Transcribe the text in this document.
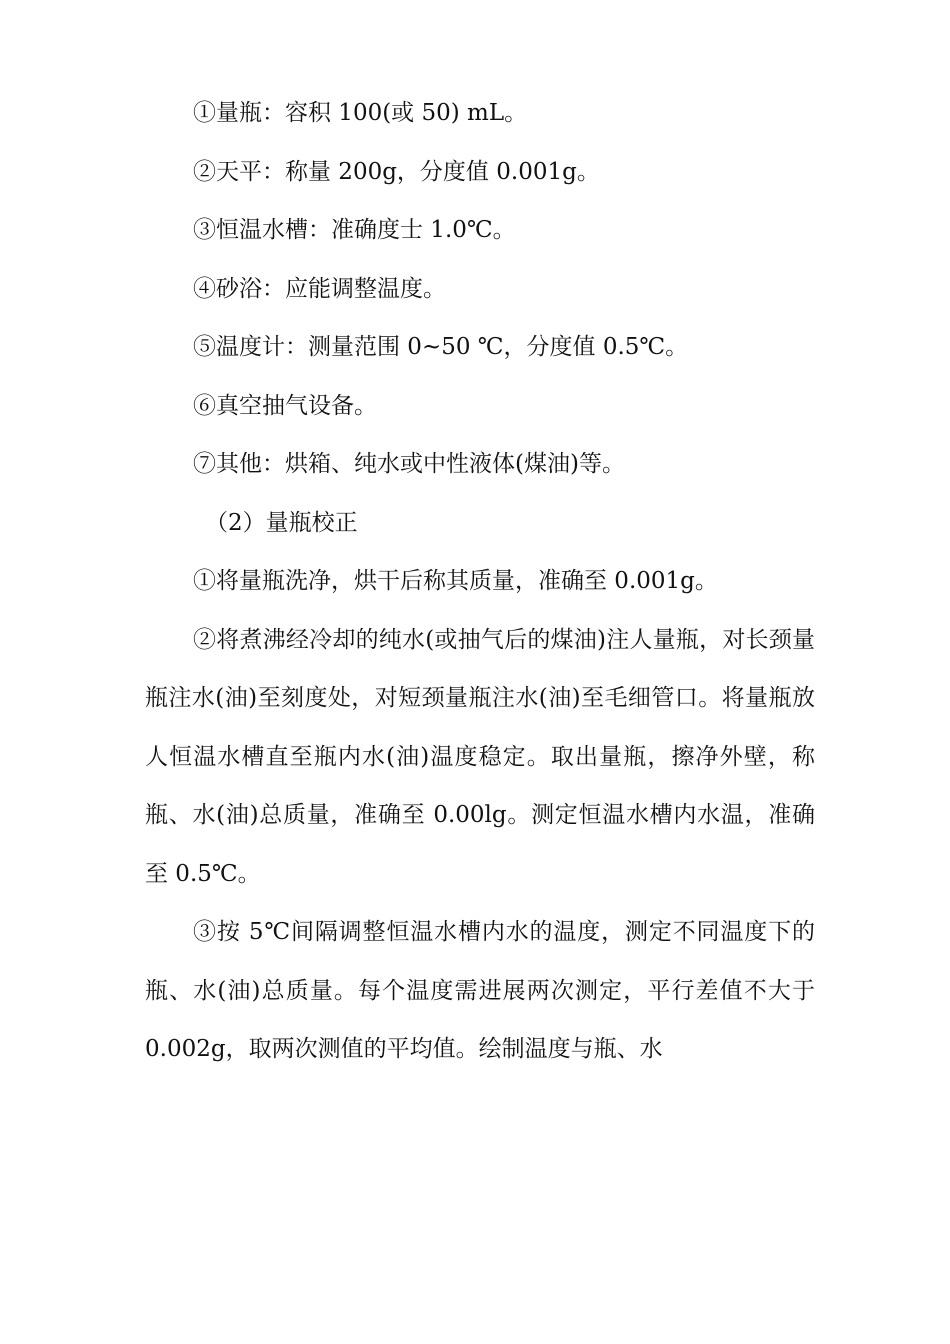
①量瓶：容积 100(或 50) mL。

②天平：称量 200g，分度值 0.001g。

③恒温水槽：准确度士 1.0℃。

④砂浴：应能调整温度。

⑤温度计：测量范围 0~50 ℃，分度值 0.5℃。

⑥真空抽气设备。

⑦其他：烘箱、纯水或中性液体(煤油)等。

（2）量瓶校正

①将量瓶洗净，烘干后称其质量，准确至 0.001g。

②将煮沸经冷却的纯水(或抽气后的煤油)注人量瓶，对长颈量瓶注水(油)至刻度处，对短颈量瓶注水(油)至毛细管口。将量瓶放人恒温水槽直至瓶内水(油)温度稳定。取出量瓶，擦净外壁，称瓶、水(油)总质量，准确至 0.00lg。测定恒温水槽内水温，准确至 0.5℃。

③按 5℃间隔调整恒温水槽内水的温度，测定不同温度下的瓶、水(油)总质量。每个温度需进展两次测定，平行差值不大于 0.002g，取两次测值的平均值。绘制温度与瓶、水
